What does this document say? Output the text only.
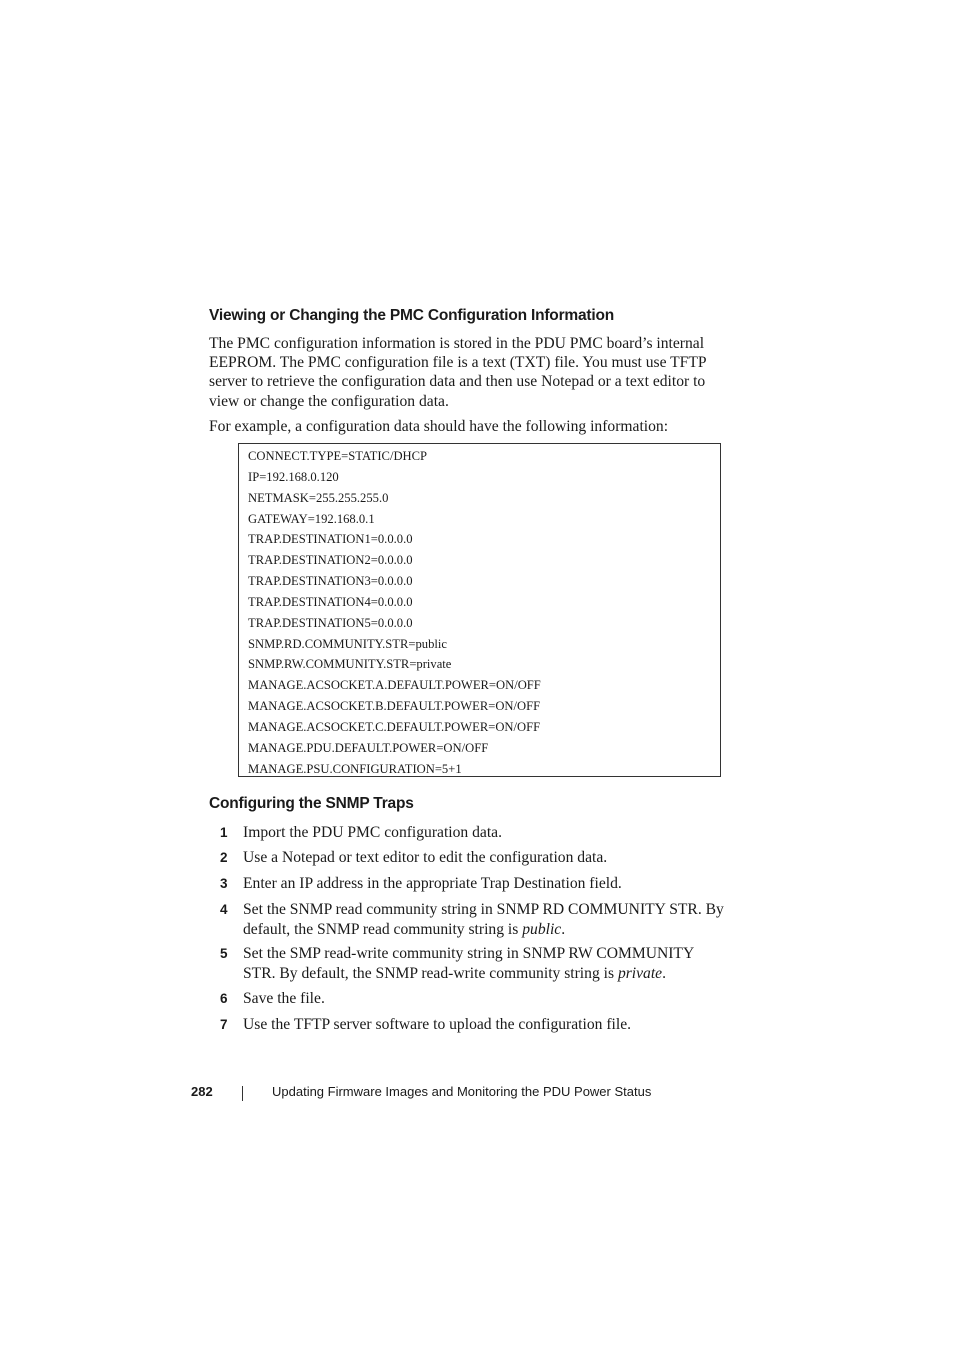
Viewing or Changing the PMC Configuration Information

The PMC configuration information is stored in the PDU PMC board’s internal EEPROM. The PMC configuration file is a text (TXT) file. You must use TFTP server to retrieve the configuration data and then use Notepad or a text editor to view or change the configuration data.

For example, a configuration data should have the following information:

CONNECT.TYPE=STATIC/DHCP
IP=192.168.0.120
NETMASK=255.255.255.0
GATEWAY=192.168.0.1
TRAP.DESTINATION1=0.0.0.0
TRAP.DESTINATION2=0.0.0.0
TRAP.DESTINATION3=0.0.0.0
TRAP.DESTINATION4=0.0.0.0
TRAP.DESTINATION5=0.0.0.0
SNMP.RD.COMMUNITY.STR=public
SNMP.RW.COMMUNITY.STR=private
MANAGE.ACSOCKET.A.DEFAULT.POWER=ON/OFF
MANAGE.ACSOCKET.B.DEFAULT.POWER=ON/OFF
MANAGE.ACSOCKET.C.DEFAULT.POWER=ON/OFF
MANAGE.PDU.DEFAULT.POWER=ON/OFF
MANAGE.PSU.CONFIGURATION=5+1
Configuring the SNMP Traps
1 Import the PDU PMC configuration data.
2 Use a Notepad or text editor to edit the configuration data.
3 Enter an IP address in the appropriate Trap Destination field.
4 Set the SNMP read community string in SNMP RD COMMUNITY STR. By default, the SNMP read community string is public.
5 Set the SMP read-write community string in SNMP RW COMMUNITY STR. By default, the SNMP read-write community string is private.
6 Save the file.
7 Use the TFTP server software to upload the configuration file.
282	Updating Firmware Images and Monitoring the PDU Power Status
